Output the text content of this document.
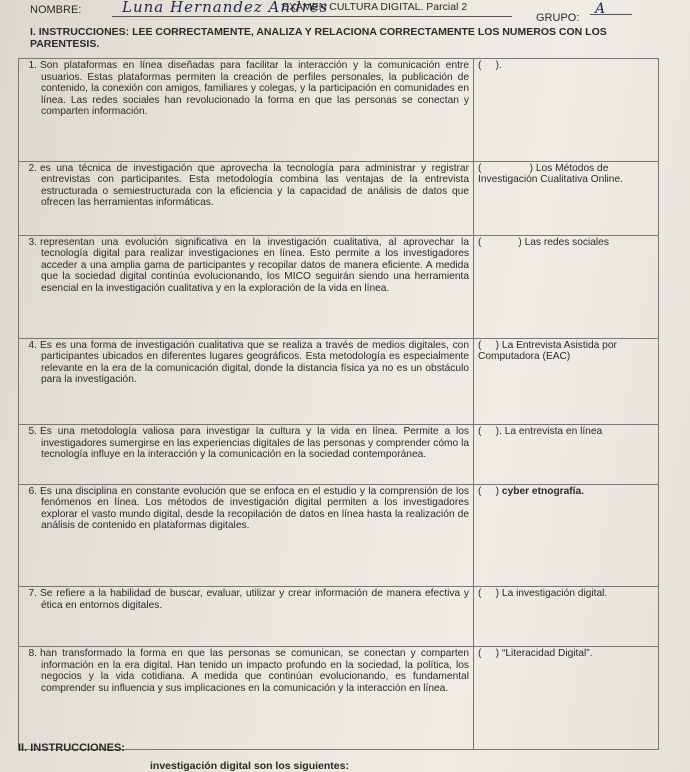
NOMBRE:	Luna Hernandez Andres
EXAMEN CULTURA DIGITAL. Parcial 2
GRUPO:
A
I. INSTRUCCIONES: LEE CORRECTAMENTE, ANALIZA Y RELACIONA CORRECTAMENTE LOS NUMEROS CON LOS PARENTESIS.
1. Son plataformas en línea diseñadas para facilitar la interacción y la comunicación entre usuarios. Estas plataformas permiten la creación de perfiles personales, la publicación de contenido, la conexión con amigos, familiares y colegas, y la participación en comunidades en línea. Las redes sociales han revolucionado la forma en que las personas se conectan y comparten información.	( ).

2. es una técnica de investigación que aprovecha la tecnología para administrar y registrar entrevistas con participantes. Esta metodología combina las ventajas de la entrevista estructurada o semiestructurada con la eficiencia y la capacidad de análisis de datos que ofrecen las herramientas informáticas.	( ) Los Métodos de Investigación Cualitativa Online.

3. representan una evolución significativa en la investigación cualitativa, al aprovechar la tecnología digital para realizar investigaciones en línea. Esto permite a los investigadores acceder a una amplia gama de participantes y recopilar datos de manera eficiente. A medida que la sociedad digital continúa evolucionando, los MICO seguirán siendo una herramienta esencial en la investigación cualitativa y en la exploración de la vida en línea.	( ) Las redes sociales

4. Es es una forma de investigación cualitativa que se realiza a través de medios digitales, con participantes ubicados en diferentes lugares geográficos. Esta metodología es especialmente relevante en la era de la comunicación digital, donde la distancia física ya no es un obstáculo para la investigación.	( ) La Entrevista Asistida por Computadora (EAC)

5. Es una metodología valiosa para investigar la cultura y la vida en línea. Permite a los investigadores sumergirse en las experiencias digitales de las personas y comprender cómo la tecnología influye en la interacción y la comunicación en la sociedad contemporánea.	( ). La entrevista en línea

6. Es una disciplina en constante evolución que se enfoca en el estudio y la comprensión de los fenómenos en línea. Los métodos de investigación digital permiten a los investigadores explorar el vasto mundo digital, desde la recopilación de datos en línea hasta la realización de análisis de contenido en plataformas digitales.	( ) cyber etnografía.

7. Se refiere a la habilidad de buscar, evaluar, utilizar y crear información de manera efectiva y ética en entornos digitales.	( ) La investigación digital.

8. han transformado la forma en que las personas se comunican, se conectan y comparten información en la era digital. Han tenido un impacto profundo en la sociedad, la política, los negocios y la vida cotidiana. A medida que continúan evolucionando, es fundamental comprender su influencia y sus implicaciones en la comunicación y la interacción en línea.	( ) “Literacidad Digital”.
II. INSTRUCCIONES:
investigación digital son los siguientes:
